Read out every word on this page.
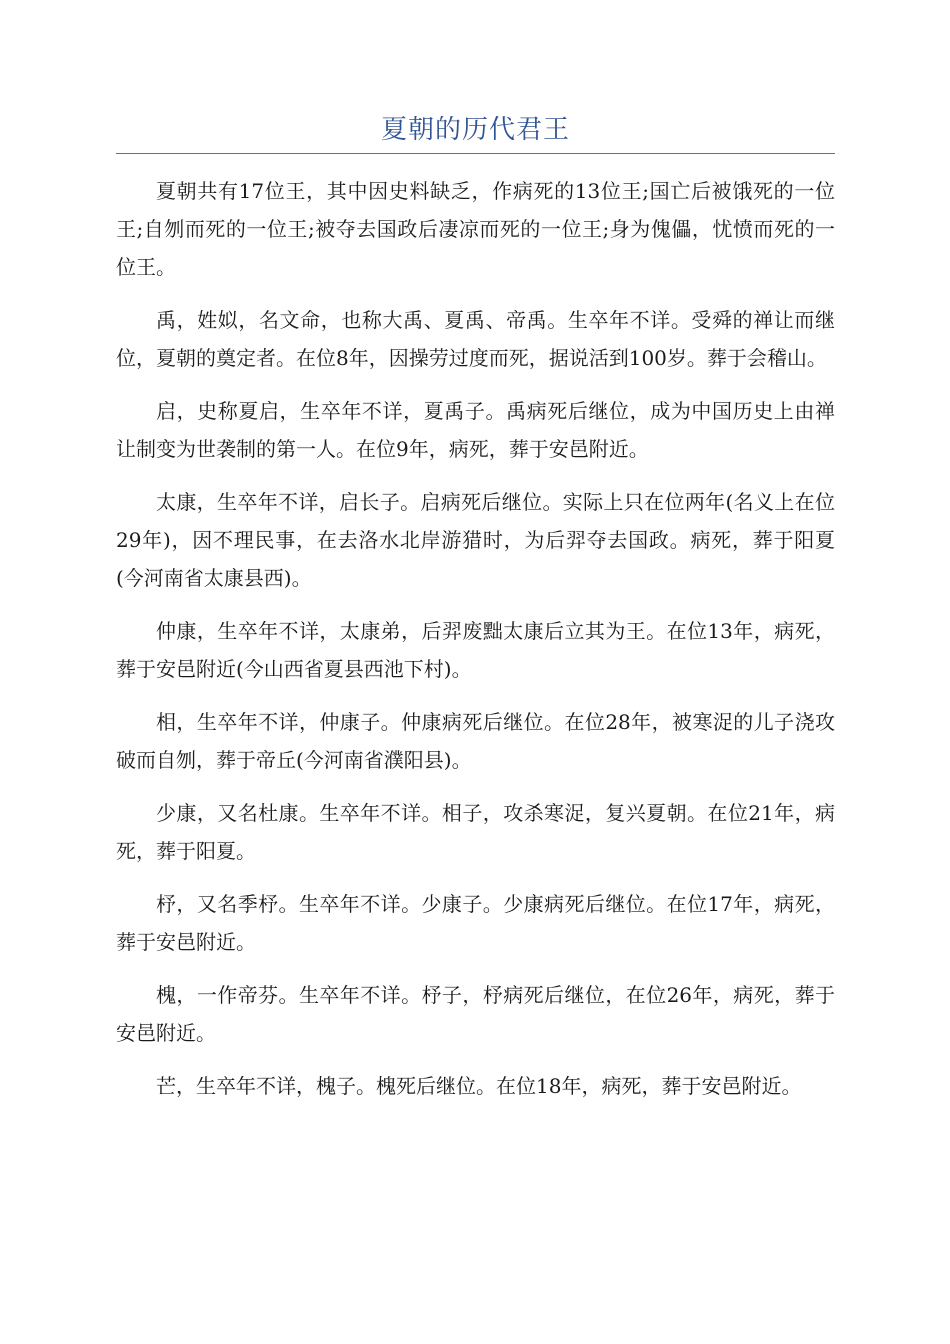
夏朝的历代君王

夏朝共有17位王，其中因史料缺乏，作病死的13位王;国亡后被饿死的一位王;自刎而死的一位王;被夺去国政后凄凉而死的一位王;身为傀儡，忧愤而死的一位王。

禹，姓姒，名文命，也称大禹、夏禹、帝禹。生卒年不详。受舜的禅让而继位，夏朝的奠定者。在位8年，因操劳过度而死，据说活到100岁。葬于会稽山。

启，史称夏启，生卒年不详，夏禹子。禹病死后继位，成为中国历史上由禅让制变为世袭制的第一人。在位9年，病死，葬于安邑附近。

太康，生卒年不详，启长子。启病死后继位。实际上只在位两年(名义上在位29年)，因不理民事，在去洛水北岸游猎时，为后羿夺去国政。病死，葬于阳夏(今河南省太康县西)。

仲康，生卒年不详，太康弟，后羿废黜太康后立其为王。在位13年，病死，葬于安邑附近(今山西省夏县西池下村)。

相，生卒年不详，仲康子。仲康病死后继位。在位28年，被寒浞的儿子浇攻破而自刎，葬于帝丘(今河南省濮阳县)。

少康，又名杜康。生卒年不详。相子，攻杀寒浞，复兴夏朝。在位21年，病死，葬于阳夏。

杼，又名季杼。生卒年不详。少康子。少康病死后继位。在位17年，病死，葬于安邑附近。

槐，一作帝芬。生卒年不详。杼子，杼病死后继位，在位26年，病死，葬于安邑附近。

芒，生卒年不详，槐子。槐死后继位。在位18年，病死，葬于安邑附近。
